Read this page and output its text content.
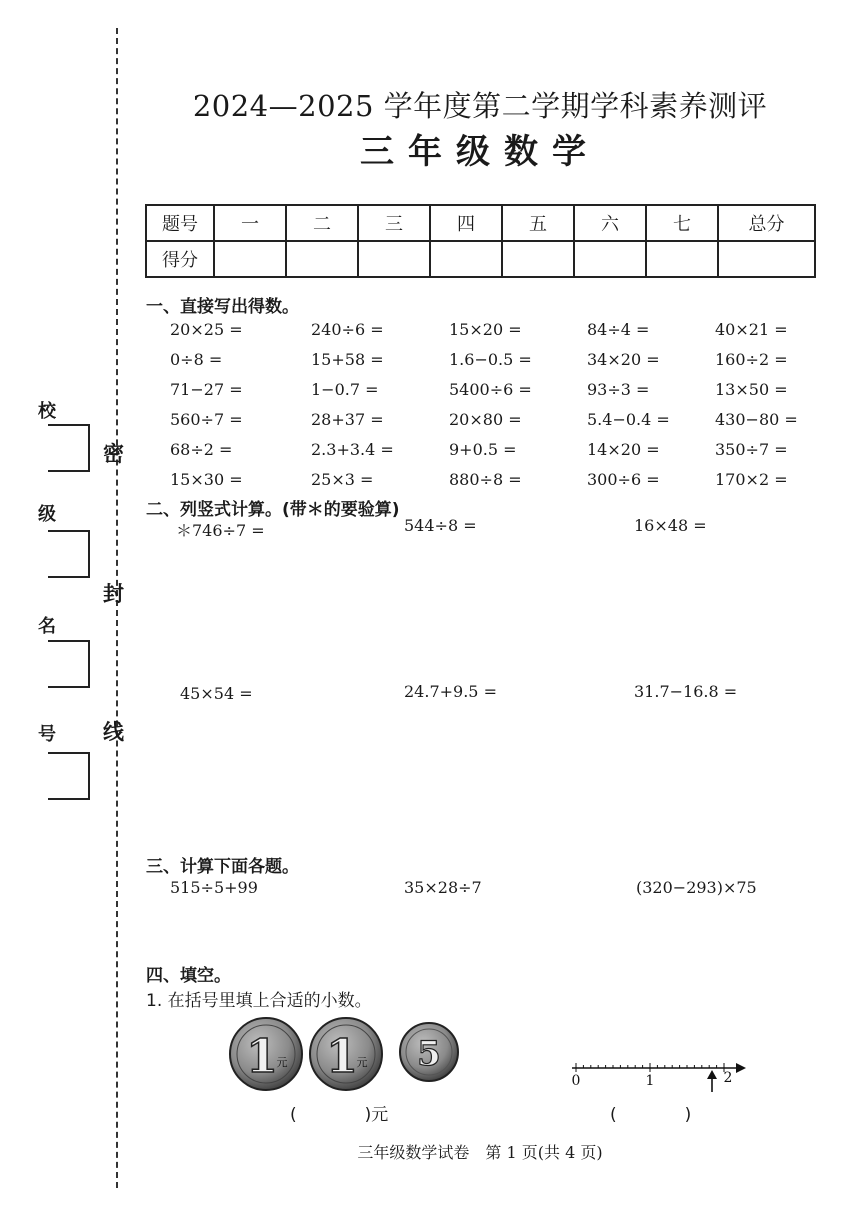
密
封
线
校
级
名
号
2024—2025 学年度第二学期学科素养测评
三年级数学
题号	一	二	三	四	五	六	七	总分
得分								
一、直接写出得数。
20×25 =	240÷6 =	15×20 =	84÷4 =	40×21 =
0÷8 =	15+58 =	1.6−0.5 =	34×20 =	160÷2 =
71−27 =	1−0.7 =	5400÷6 =	93÷3 =	13×50 =
560÷7 =	28+37 =	20×80 =	5.4−0.4 =	430−80 =
68÷2 =	2.3+3.4 =	9+0.5 =	14×20 =	350÷7 =
15×30 =	25×3 =	880÷8 =	300÷6 =	170×2 =
二、列竖式计算。(带＊的要验算)
＊746÷7 =	544÷8 =	16×48 =
45×54 =	24.7+9.5 =	31.7−16.8 =
三、计算下面各题。
515÷5+99	35×28÷7	(320−293)×75
四、填空。
1. 在括号里填上合适的小数。
1
元 1
元 5
(　　　　)元
0	1	2
(　　　　)
三年级数学试卷　第 1 页(共 4 页)
